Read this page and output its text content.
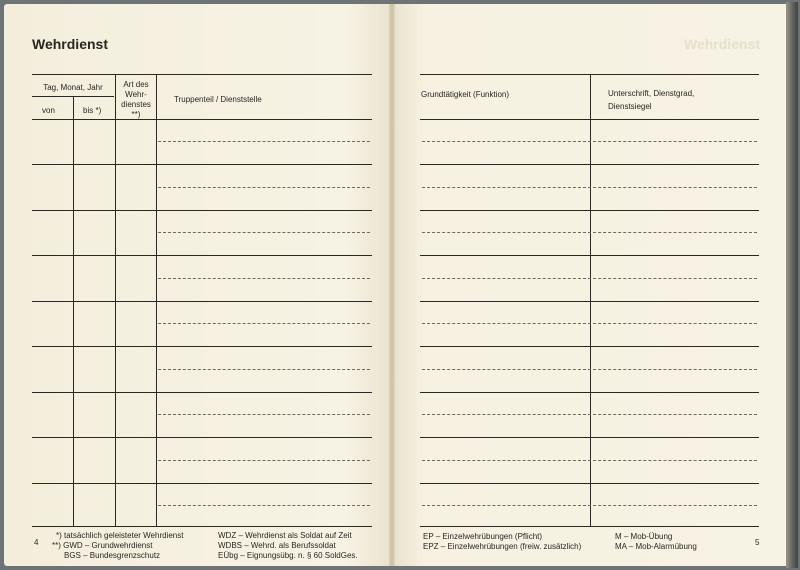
Wehrdienst
Tag, Monat, Jahr
von	bis *)
Art des Wehr-dienstes **)
Truppenteil / Dienststelle
4
*) tatsächlich geleisteter Wehrdienst
**) GWD – Grundwehrdienst
BGS – Bundesgrenzschutz
WDZ – Wehrdienst als Soldat auf Zeit
WDBS – Wehrd. als Berufssoldat
EÜbg – Eignungsübg. n. § 60 SoldGes.
Wehrdienst
Grundtätigkeit (Funktion)	Unterschrift, Dienstgrad, Dienstsiegel
EP – Einzelwehrübungen (Pflicht)
EPZ – Einzelwehrübungen (freiw. zusätzlich)
M – Mob-Übung
MA – Mob-Alarmübung	5
